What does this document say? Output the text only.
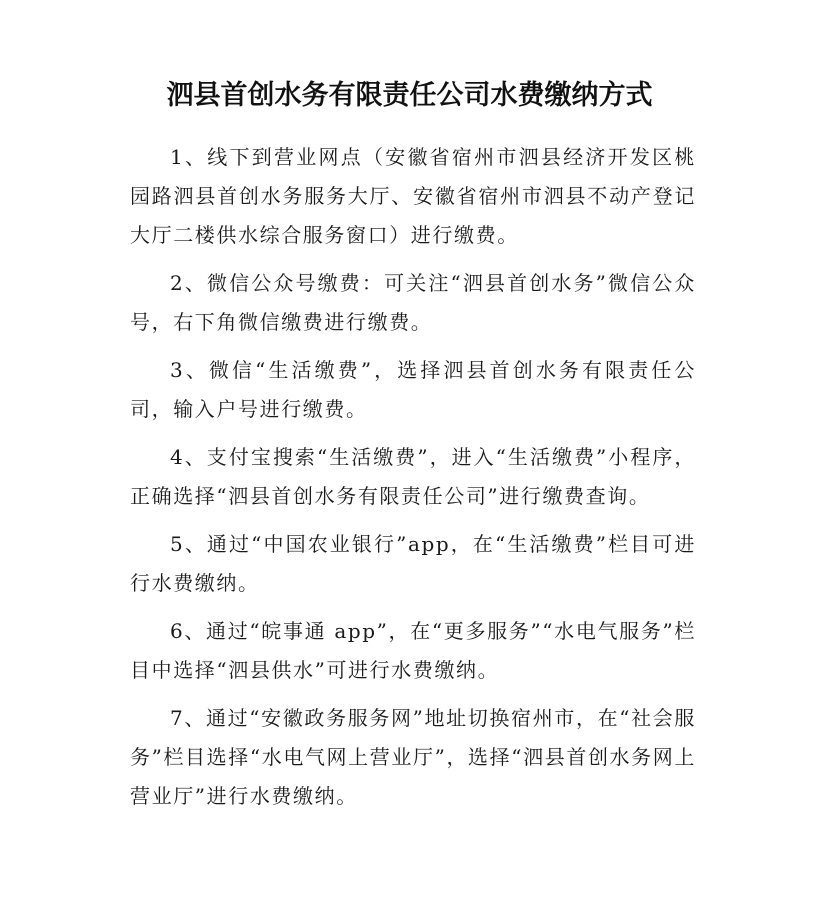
泗县首创水务有限责任公司水费缴纳方式

1、线下到营业网点（安徽省宿州市泗县经济开发区桃园路泗县首创水务服务大厅、安徽省宿州市泗县不动产登记大厅二楼供水综合服务窗口）进行缴费。

2、微信公众号缴费：可关注“泗县首创水务”微信公众号，右下角微信缴费进行缴费。

3、微信“生活缴费”，选择泗县首创水务有限责任公司，输入户号进行缴费。

4、支付宝搜索“生活缴费”，进入“生活缴费”小程序，正确选择“泗县首创水务有限责任公司”进行缴费查询。

5、通过“中国农业银行”app，在“生活缴费”栏目可进行水费缴纳。

6、通过“皖事通 app”，在“更多服务”“水电气服务”栏目中选择“泗县供水”可进行水费缴纳。

7、通过“安徽政务服务网”地址切换宿州市，在“社会服务”栏目选择“水电气网上营业厅”，选择“泗县首创水务网上营业厅”进行水费缴纳。
